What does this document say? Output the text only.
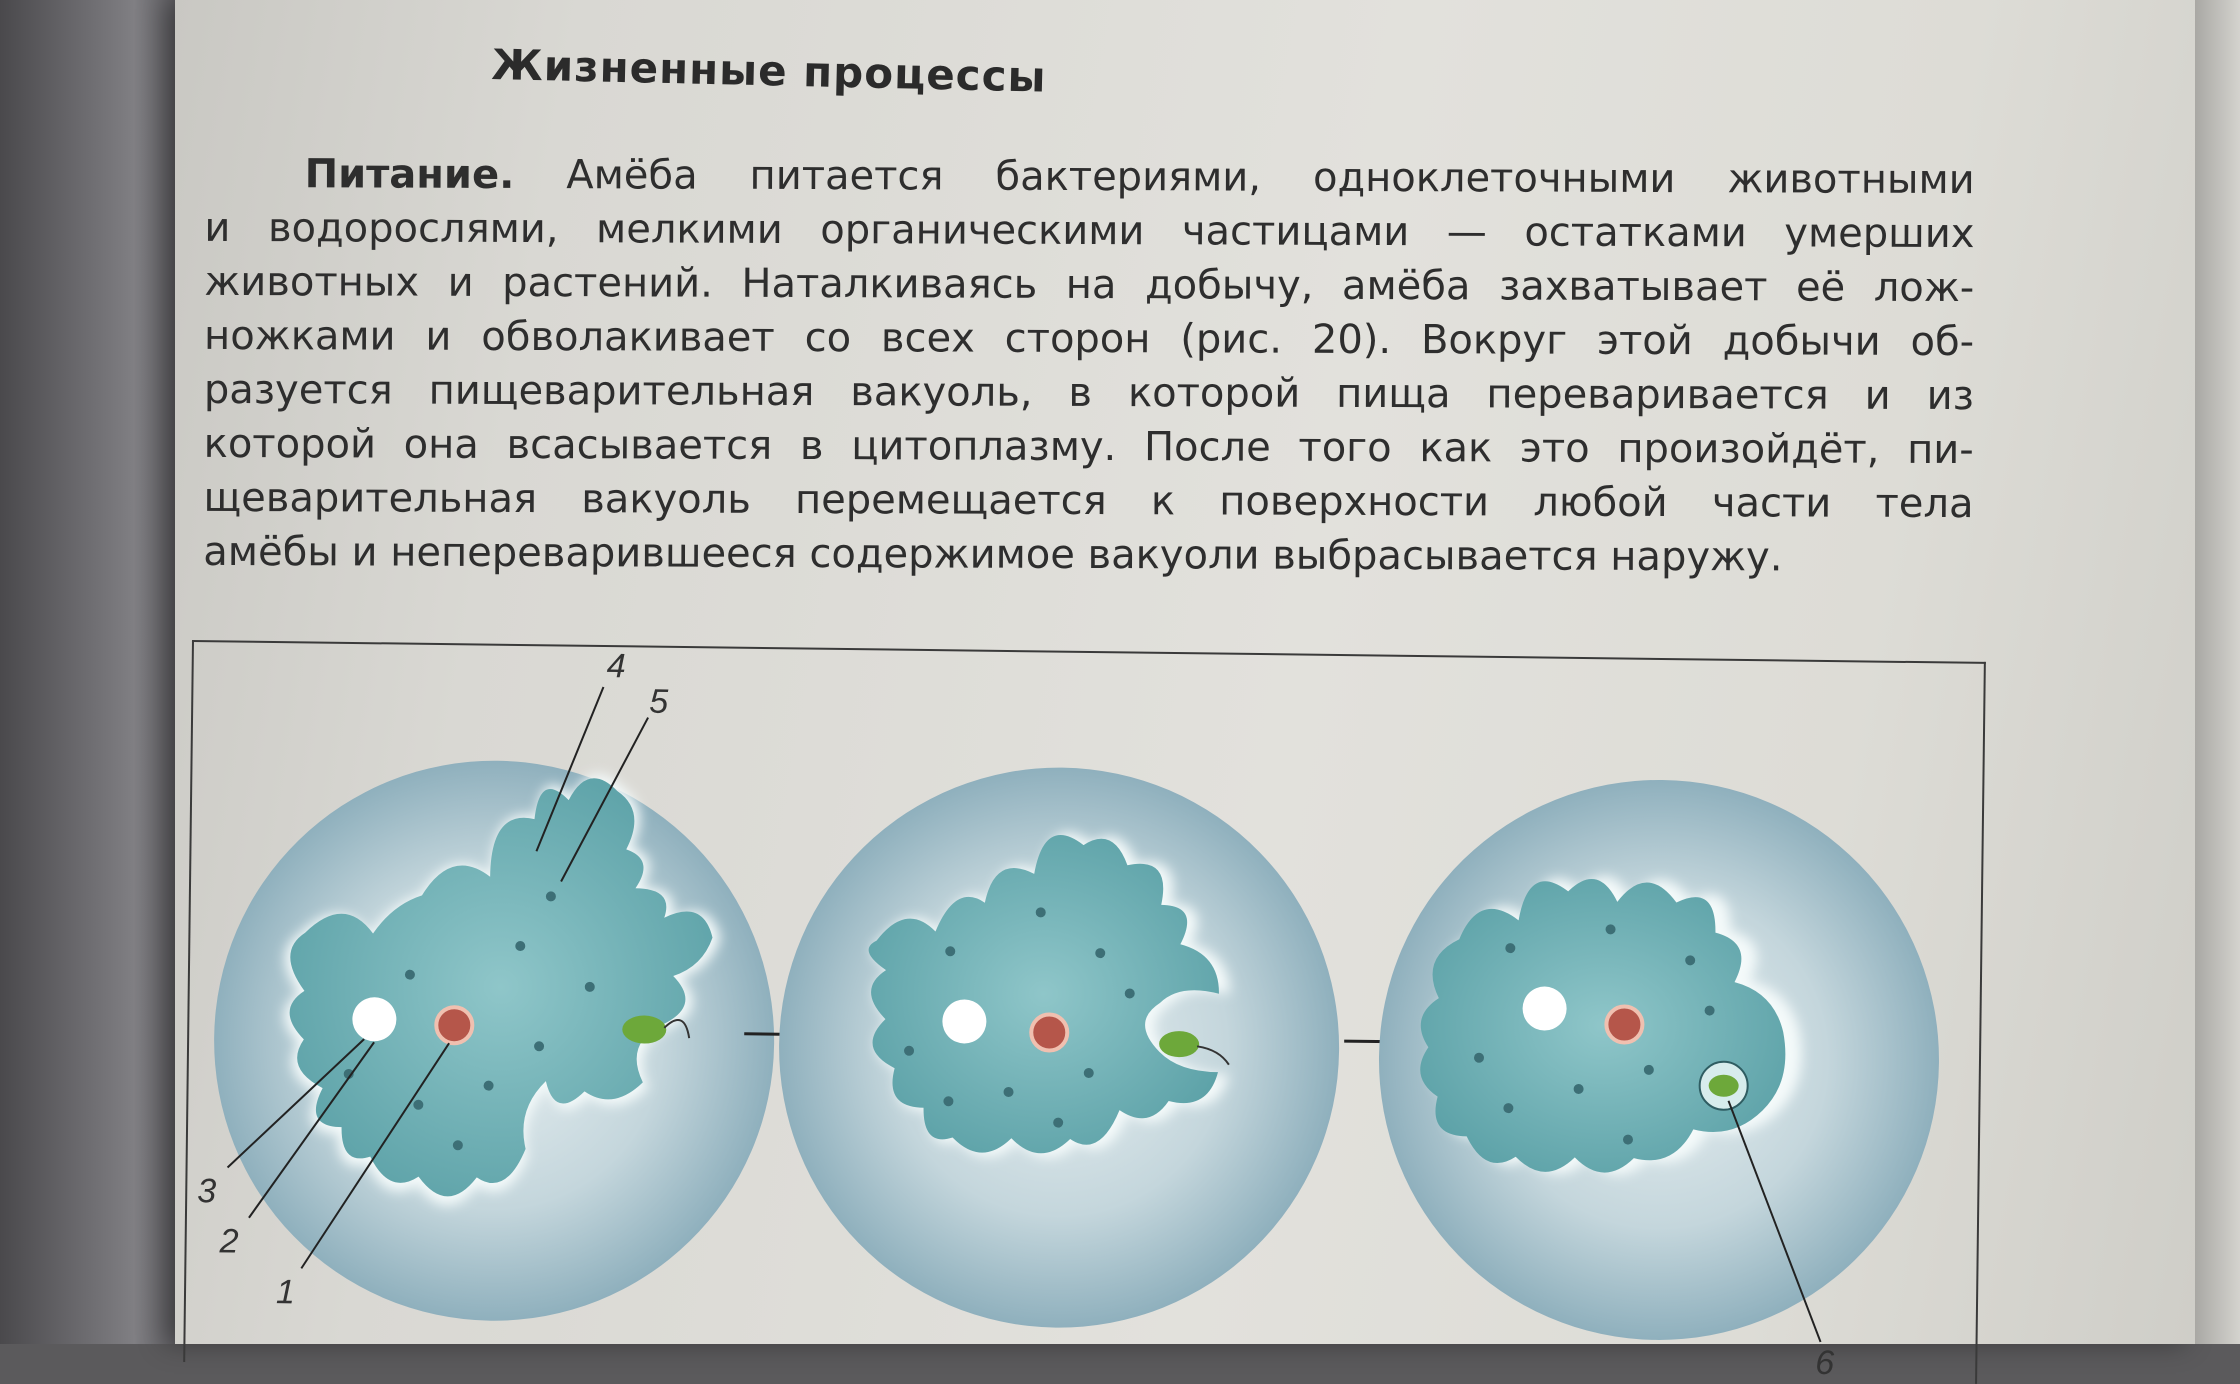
Жизненные процессы
Питание. Амёба питается бактериями, одноклеточными животными
и водорослями, мелкими органическими частицами — остатками умерших
животных и растений. Наталкиваясь на добычу, амёба захватывает её лож-
ножками и обволакивает со всех сторон (рис. 20). Вокруг этой добычи об-
разуется пищеварительная вакуоль, в которой пища переваривается и из
которой она всасывается в цитоплазму. После того как это произойдёт, пи-
щеварительная вакуоль перемещается к поверхности любой части тела
амёбы и непереварившееся содержимое вакуоли выбрасывается наружу.
4
5
3
2
1
6
